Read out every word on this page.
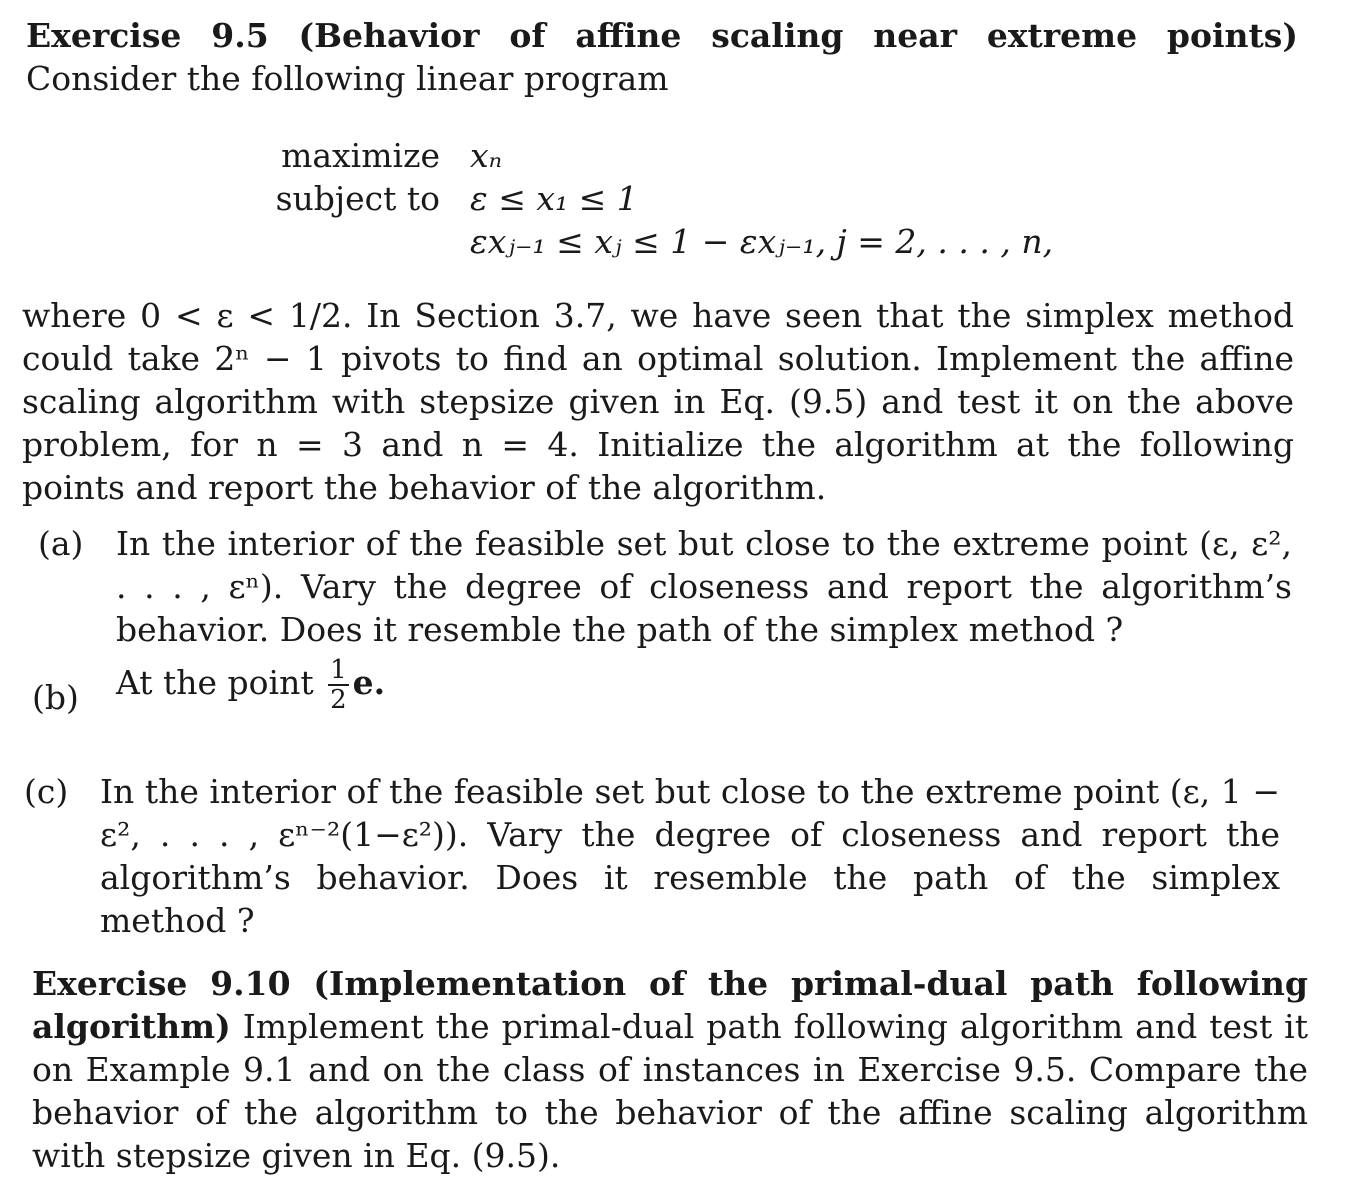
Exercise 9.5 (Behavior of affine scaling near extreme points) Consider the following linear program
maximize xₙ
subject to ε ≤ x₁ ≤ 1
εxⱼ₋₁ ≤ xⱼ ≤ 1 − εxⱼ₋₁, j = 2, . . . , n,
where 0 < ε < 1/2. In Section 3.7, we have seen that the simplex method could take 2ⁿ − 1 pivots to find an optimal solution. Implement the affine scaling algorithm with stepsize given in Eq. (9.5) and test it on the above problem, for n = 3 and n = 4. Initialize the algorithm at the following points and report the behavior of the algorithm.
(a) In the interior of the feasible set but close to the extreme point (ε, ε², . . . , εⁿ). Vary the degree of closeness and report the algorithm’s behavior. Does it resemble the path of the simplex method ?
(b) At the point $\frac{1}{2} e$.
(c) In the interior of the feasible set but close to the extreme point (ε, 1 − ε², . . . , εⁿ⁻²(1−ε²)). Vary the degree of closeness and report the algorithm’s behavior. Does it resemble the path of the simplex method ?
Exercise 9.10 (Implementation of the primal-dual path following algorithm) Implement the primal-dual path following algorithm and test it on Example 9.1 and on the class of instances in Exercise 9.5. Compare the behavior of the algorithm to the behavior of the affine scaling algorithm with stepsize given in Eq. (9.5).
